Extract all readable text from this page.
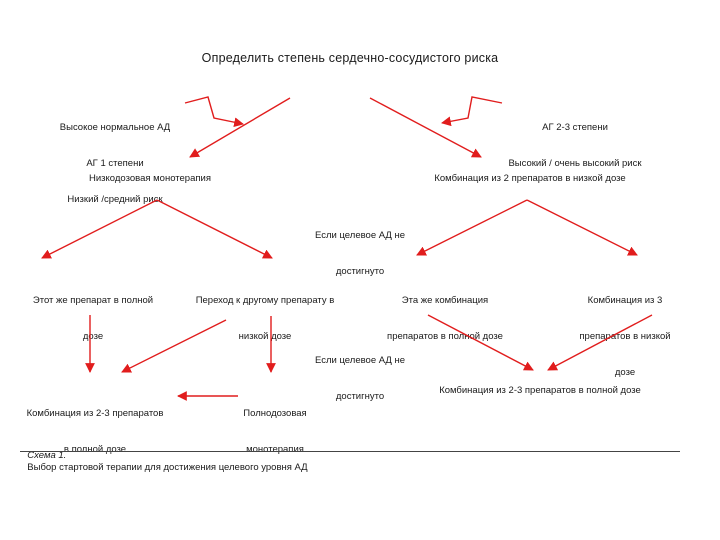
Определить степень сердечно-сосудистого риска

Высокое нормальное АД

АГ 1 степени

Низкий /средний риск

АГ 2-3 степени

Высокий / очень высокий риск

Низкодозовая монотерапия	Комбинация из 2 препаратов в низкой дозе

Если целевое АД не

достигнуто

Этот же препарат в полной

дозе

Переход к другому препарату в

низкой дозе

Эта же комбинация

препаратов в полной дозе

Комбинация из 3

препаратов в низкой

дозе

Если целевое АД не

достигнуто

Комбинация из 2-3 препаратов

в полной дозе

Полнодозовая

монотерапия

Комбинация из 2-3 препаратов в полной дозе

Схема 1.
Выбор стартовой терапии для достижения целевого уровня АД
